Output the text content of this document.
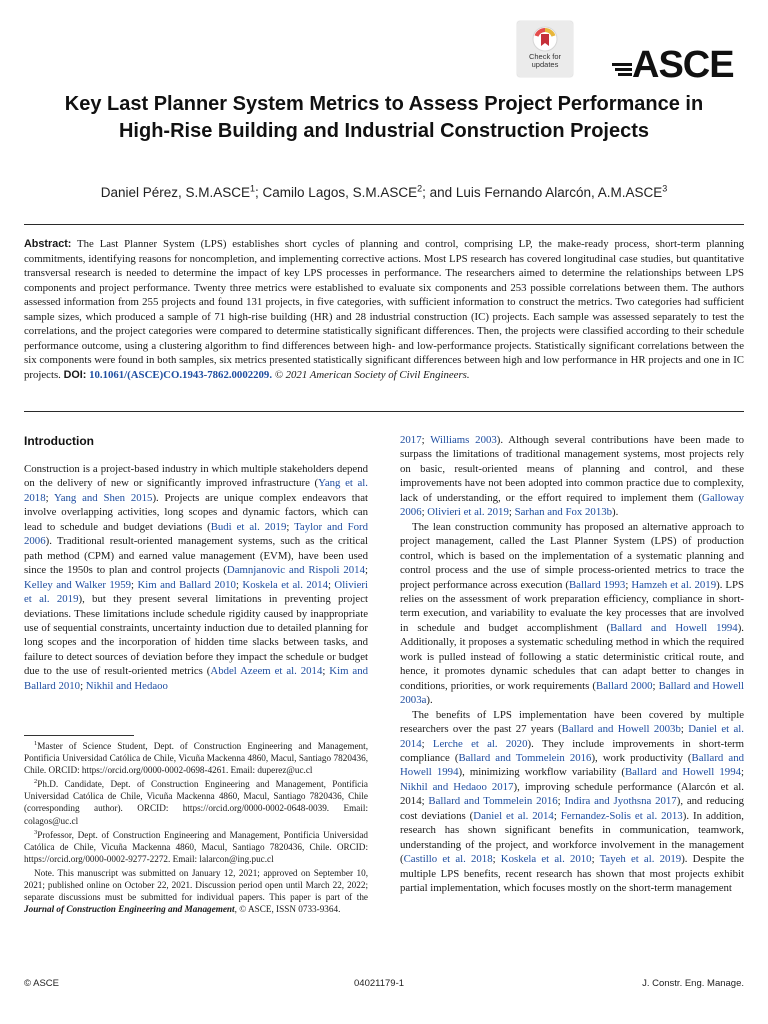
Check for
updates	ASCE
Key Last Planner System Metrics to Assess Project Performance in High-Rise Building and Industrial Construction Projects
Daniel Pérez, S.M.ASCE$^1$; Camilo Lagos, S.M.ASCE$^2$; and Luis Fernando Alarcón, A.M.ASCE$^3$
Abstract: The Last Planner System (LPS) establishes short cycles of planning and control, comprising LP, the make-ready process, short-term planning commitments, identifying reasons for noncompletion, and implementing corrective actions. Most LPS research has covered longitudinal case studies, but quantitative transversal research is needed to determine the impact of key LPS processes in performance. The researchers aimed to determine the relationships between LPS components and project performance. Twenty three metrics were established to evaluate six components and 253 possible correlations between them. The authors assessed information from 255 projects and found 131 projects, in five categories, with sufficient information to construct the metrics. Two categories had sufficient sample sizes, which produced a sample of 71 high-rise building (HR) and 28 industrial construction (IC) projects. Each sample was assessed separately to test the correlations, and the project categories were compared to determine statistically significant differences. Then, the projects were classified according to their schedule performance outcome, using a clustering algorithm to find differences between high- and low-performance projects. Statistically significant correlations between the six components were found in both samples, six metrics presented statistically significant differences between high and low performance in HR projects and one in IC projects. DOI: 10.1061/(ASCE)CO.1943-7862.0002209. © 2021 American Society of Civil Engineers.
Introduction

Construction is a project-based industry in which multiple stakeholders depend on the delivery of new or significantly improved infrastructure (Yang et al. 2018; Yang and Shen 2015). Projects are unique complex endeavors that involve overlapping activities, long scopes and dynamic factors, which can lead to schedule and budget deviations (Budi et al. 2019; Taylor and Ford 2006). Traditional result-oriented management systems, such as the critical path method (CPM) and earned value management (EVM), have been used since the 1950s to plan and control projects (Damnjanovic and Rispoli 2014; Kelley and Walker 1959; Kim and Ballard 2010; Koskela et al. 2014; Olivieri et al. 2019), but they present several limitations in preventing project deviations. These limitations include schedule rigidity caused by inappropriate use of sequential constraints, uncertainty induction due to detailed planning for long scopes and the incorporation of hidden time slacks between tasks, and failure to detect sources of deviation before they impact the schedule or budget due to the use of result-oriented metrics (Abdel Azeem et al. 2014; Kim and Ballard 2010; Nikhil and Hedaoo

$^1$Master of Science Student, Dept. of Construction Engineering and Management, Pontificia Universidad Católica de Chile, Vicuña Mackenna 4860, Macul, Santiago 7820436, Chile. ORCID: https://orcid.org/0000-0002-0698-4261. Email: duperez@uc.cl

$^2$Ph.D. Candidate, Dept. of Construction Engineering and Management, Pontificia Universidad Católica de Chile, Vicuña Mackenna 4860, Macul, Santiago 7820436, Chile (corresponding author). ORCID: https://orcid.org/0000-0002-0648-0039. Email: colagos@uc.cl

$^3$Professor, Dept. of Construction Engineering and Management, Pontificia Universidad Católica de Chile, Vicuña Mackenna 4860, Macul, Santiago 7820436, Chile. ORCID: https://orcid.org/0000-0002-9277-2272. Email: lalarcon@ing.puc.cl

Note. This manuscript was submitted on January 12, 2021; approved on September 10, 2021; published online on October 22, 2021. Discussion period open until March 22, 2022; separate discussions must be submitted for individual papers. This paper is part of the Journal of Construction Engineering and Management, © ASCE, ISSN 0733-9364.

2017; Williams 2003). Although several contributions have been made to surpass the limitations of traditional management systems, most projects rely on basic, result-oriented means of planning and control, and these improvements have not been adopted into common practice due to complexity, lack of understanding, or the effort required to implement them (Galloway 2006; Olivieri et al. 2019; Sarhan and Fox 2013b).

The lean construction community has proposed an alternative approach to project management, called the Last Planner System (LPS) of production control, which is based on the implementation of a systematic planning and control process and the use of simple process-oriented metrics to trace the project performance across execution (Ballard 1993; Hamzeh et al. 2019). LPS relies on the assessment of work preparation efficiency, compliance in short-term execution, and variability to evaluate the key processes that are involved in schedule and budget accomplishment (Ballard and Howell 1994). Additionally, it proposes a systematic scheduling method in which the required work is pulled instead of following a static deterministic critical route, and hence, it promotes dynamic schedules that can adapt better to changes in conditions, priorities, or work requirements (Ballard 2000; Ballard and Howell 2003a).

The benefits of LPS implementation have been covered by multiple researchers over the past 27 years (Ballard and Howell 2003b; Daniel et al. 2014; Lerche et al. 2020). They include improvements in short-term compliance (Ballard and Tommelein 2016), work productivity (Ballard and Howell 1994), minimizing workflow variability (Ballard and Howell 1994; Nikhil and Hedaoo 2017), improving schedule performance (Alarcón et al. 2014; Ballard and Tommelein 2016; Indira and Jyothsna 2017), and reducing cost deviations (Daniel et al. 2014; Fernandez-Solis et al. 2013). In addition, research has shown significant benefits in communication, teamwork, understanding of the project, and workforce involvement in the management (Castillo et al. 2018; Koskela et al. 2010; Tayeh et al. 2019). Despite the multiple LPS benefits, recent research has shown that most projects exhibit partial implementation, which focuses mostly on the short-term management

© ASCE	04021179-1	J. Constr. Eng. Manage.
